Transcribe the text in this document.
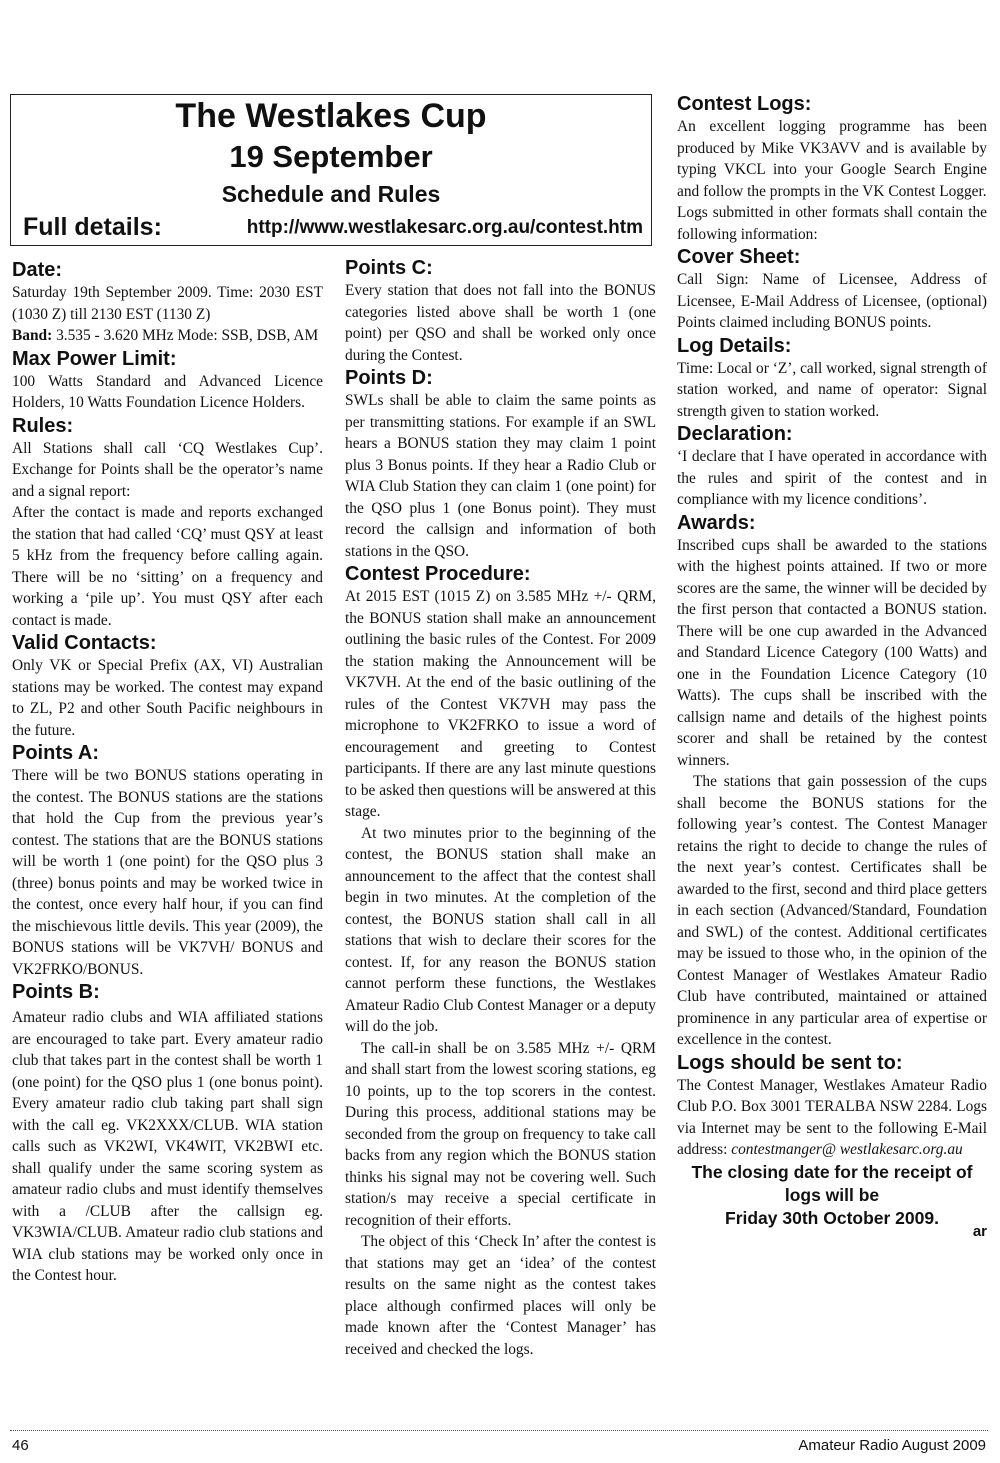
The Westlakes Cup
19 September
Schedule and Rules
Full details:	http://www.westlakesarc.org.au/contest.htm
Date:

Saturday 19th September 2009. Time: 2030 EST (1030 Z) till 2130 EST (1130 Z)

Band: 3.535 - 3.620 MHz Mode: SSB, DSB, AM

Max Power Limit:

100 Watts Standard and Advanced Licence Holders, 10 Watts Foundation Licence Holders.

Rules:

All Stations shall call ‘CQ Westlakes Cup’. Exchange for Points shall be the operator’s name and a signal report:

After the contact is made and reports exchanged the station that had called ‘CQ’ must QSY at least 5 kHz from the frequency before calling again. There will be no ‘sitting’ on a frequency and working a ‘pile up’. You must QSY after each contact is made.

Valid Contacts:

Only VK or Special Prefix (AX, VI) Australian stations may be worked. The contest may expand to ZL, P2 and other South Pacific neighbours in the future.

Points A:

There will be two BONUS stations operating in the contest. The BONUS stations are the stations that hold the Cup from the previous year’s contest. The stations that are the BONUS stations will be worth 1 (one point) for the QSO plus 3 (three) bonus points and may be worked twice in the contest, once every half hour, if you can find the mischievous little devils. This year (2009), the BONUS stations will be VK7VH/ BONUS and VK2FRKO/BONUS.

Points B:

Amateur radio clubs and WIA affiliated stations are encouraged to take part. Every amateur radio club that takes part in the contest shall be worth 1 (one point) for the QSO plus 1 (one bonus point). Every amateur radio club taking part shall sign with the call eg. VK2XXX/CLUB. WIA station calls such as VK2WI, VK4WIT, VK2BWI etc. shall qualify under the same scoring system as amateur radio clubs and must identify themselves with a /CLUB after the callsign eg. VK3WIA/CLUB. Amateur radio club stations and WIA club stations may be worked only once in the Contest hour.

Points C:

Every station that does not fall into the BONUS categories listed above shall be worth 1 (one point) per QSO and shall be worked only once during the Contest.

Points D:

SWLs shall be able to claim the same points as per transmitting stations. For example if an SWL hears a BONUS station they may claim 1 point plus 3 Bonus points. If they hear a Radio Club or WIA Club Station they can claim 1 (one point) for the QSO plus 1 (one Bonus point). They must record the callsign and information of both stations in the QSO.

Contest Procedure:

At 2015 EST (1015 Z) on 3.585 MHz +/- QRM, the BONUS station shall make an announcement outlining the basic rules of the Contest. For 2009 the station making the Announcement will be VK7VH. At the end of the basic outlining of the rules of the Contest VK7VH may pass the microphone to VK2FRKO to issue a word of encouragement and greeting to Contest participants. If there are any last minute questions to be asked then questions will be answered at this stage.

At two minutes prior to the beginning of the contest, the BONUS station shall make an announcement to the affect that the contest shall begin in two minutes. At the completion of the contest, the BONUS station shall call in all stations that wish to declare their scores for the contest. If, for any reason the BONUS station cannot perform these functions, the Westlakes Amateur Radio Club Contest Manager or a deputy will do the job.

The call-in shall be on 3.585 MHz +/- QRM and shall start from the lowest scoring stations, eg 10 points, up to the top scorers in the contest. During this process, additional stations may be seconded from the group on frequency to take call backs from any region which the BONUS station thinks his signal may not be covering well. Such station/s may receive a special certificate in recognition of their efforts.

The object of this ‘Check In’ after the contest is that stations may get an ‘idea’ of the contest results on the same night as the contest takes place although confirmed places will only be made known after the ‘Contest Manager’ has received and checked the logs.

Contest Logs:

An excellent logging programme has been produced by Mike VK3AVV and is available by typing VKCL into your Google Search Engine and follow the prompts in the VK Contest Logger.

Logs submitted in other formats shall contain the following information:

Cover Sheet:

Call Sign: Name of Licensee, Address of Licensee, E-Mail Address of Licensee, (optional) Points claimed including BONUS points.

Log Details:

Time: Local or ‘Z’, call worked, signal strength of station worked, and name of operator: Signal strength given to station worked.

Declaration:

‘I declare that I have operated in accordance with the rules and spirit of the contest and in compliance with my licence conditions’.

Awards:

Inscribed cups shall be awarded to the stations with the highest points attained. If two or more scores are the same, the winner will be decided by the first person that contacted a BONUS station. There will be one cup awarded in the Advanced and Standard Licence Category (100 Watts) and one in the Foundation Licence Category (10 Watts). The cups shall be inscribed with the callsign name and details of the highest points scorer and shall be retained by the contest winners.

The stations that gain possession of the cups shall become the BONUS stations for the following year’s contest. The Contest Manager retains the right to decide to change the rules of the next year’s contest. Certificates shall be awarded to the first, second and third place getters in each section (Advanced/Standard, Foundation and SWL) of the contest. Additional certificates may be issued to those who, in the opinion of the Contest Manager of Westlakes Amateur Radio Club have contributed, maintained or attained prominence in any particular area of expertise or excellence in the contest.

Logs should be sent to:

The Contest Manager, Westlakes Amateur Radio Club P.O. Box 3001 TERALBA NSW 2284. Logs via Internet may be sent to the following E-Mail address: contestmanger@ westlakesarc.org.au

The closing date for the receipt of logs will be
Friday 30th October 2009.
ar
46	Amateur Radio August 2009
